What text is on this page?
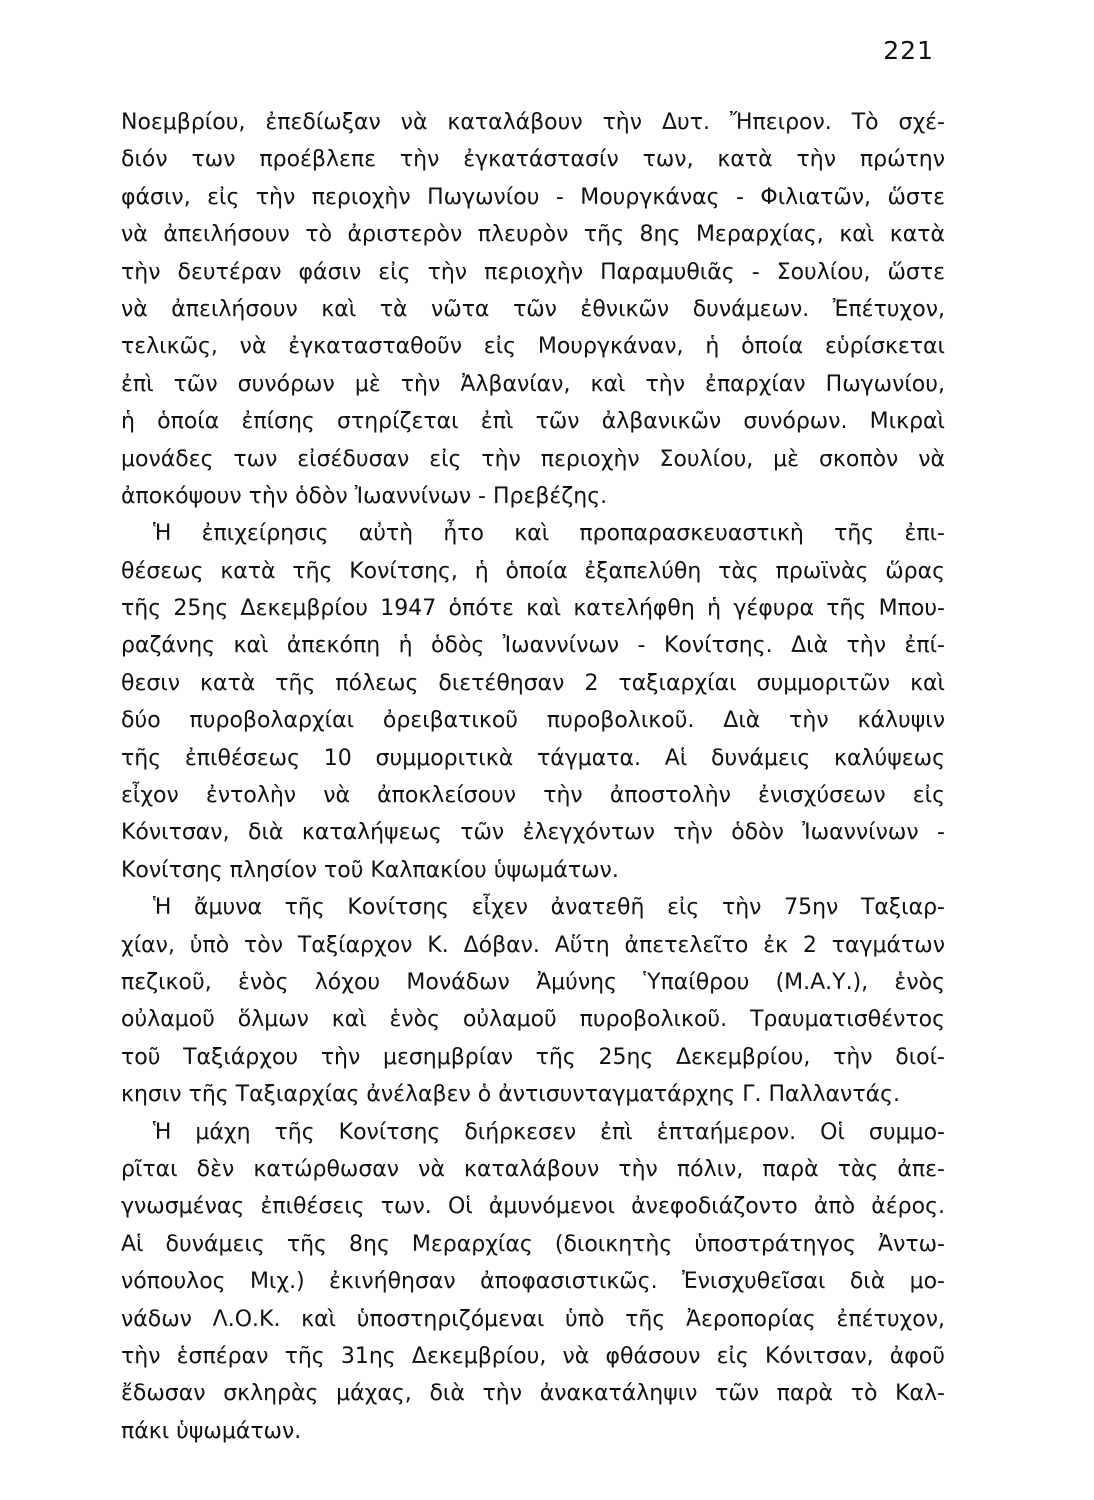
221
Νοεμβρίου, ἐπεδίωξαν νὰ καταλάβουν τὴν Δυτ. Ἤπειρον. Τὸ σχέ-
διόν των προέβλεπε τὴν ἐγκατάστασίν των, κατὰ τὴν πρώτην
φάσιν, εἰς τὴν περιοχὴν Πωγωνίου - Μουργκάνας - Φιλιατῶν, ὥστε
νὰ ἀπειλήσουν τὸ ἀριστερὸν πλευρὸν τῆς 8ης Μεραρχίας, καὶ κατὰ
τὴν δευτέραν φάσιν εἰς τὴν περιοχὴν Παραμυθιᾶς - Σουλίου, ὥστε
νὰ ἀπειλήσουν καὶ τὰ νῶτα τῶν ἐθνικῶν δυνάμεων. Ἐπέτυχον,
τελικῶς, νὰ ἐγκατασταθοῦν εἰς Μουργκάναν, ἡ ὁποία εὑρίσκεται
ἐπὶ τῶν συνόρων μὲ τὴν Ἀλβανίαν, καὶ τὴν ἐπαρχίαν Πωγωνίου,
ἡ ὁποία ἐπίσης στηρίζεται ἐπὶ τῶν ἀλβανικῶν συνόρων. Μικραὶ
μονάδες των εἰσέδυσαν εἰς τὴν περιοχὴν Σουλίου, μὲ σκοπὸν νὰ
ἀποκόψουν τὴν ὁδὸν Ἰωαννίνων - Πρεβέζης.
Ἡ ἐπιχείρησις αὐτὴ ἦτο καὶ προπαρασκευαστικὴ τῆς ἐπι-
θέσεως κατὰ τῆς Κονίτσης, ἡ ὁποία ἐξαπελύθη τὰς πρωϊνὰς ὥρας
τῆς 25ης Δεκεμβρίου 1947 ὁπότε καὶ κατελήφθη ἡ γέφυρα τῆς Μπου-
ραζάνης καὶ ἀπεκόπη ἡ ὁδὸς Ἰωαννίνων - Κονίτσης. Διὰ τὴν ἐπί-
θεσιν κατὰ τῆς πόλεως διετέθησαν 2 ταξιαρχίαι συμμοριτῶν καὶ
δύο πυροβολαρχίαι ὀρειβατικοῦ πυροβολικοῦ. Διὰ τὴν κάλυψιν
τῆς ἐπιθέσεως 10 συμμοριτικὰ τάγματα. Αἱ δυνάμεις καλύψεως
εἶχον ἐντολὴν νὰ ἀποκλείσουν τὴν ἀποστολὴν ἐνισχύσεων εἰς
Κόνιτσαν, διὰ καταλήψεως τῶν ἐλεγχόντων τὴν ὁδὸν Ἰωαννίνων -
Κονίτσης πλησίον τοῦ Καλπακίου ὑψωμάτων.
Ἡ ἄμυνα τῆς Κονίτσης εἶχεν ἀνατεθῆ εἰς τὴν 75ην Ταξιαρ-
χίαν, ὑπὸ τὸν Ταξίαρχον Κ. Δόβαν. Αὕτη ἀπετελεῖτο ἐκ 2 ταγμάτων
πεζικοῦ, ἑνὸς λόχου Μονάδων Ἀμύνης Ὑπαίθρου (Μ.Α.Υ.), ἑνὸς
οὐλαμοῦ ὅλμων καὶ ἑνὸς οὐλαμοῦ πυροβολικοῦ. Τραυματισθέντος
τοῦ Ταξιάρχου τὴν μεσημβρίαν τῆς 25ης Δεκεμβρίου, τὴν διοί-
κησιν τῆς Ταξιαρχίας ἀνέλαβεν ὁ ἀντισυνταγματάρχης Γ. Παλλαντάς.
Ἡ μάχη τῆς Κονίτσης διήρκεσεν ἐπὶ ἑπταήμερον. Οἱ συμμο-
ρῖται δὲν κατώρθωσαν νὰ καταλάβουν τὴν πόλιν, παρὰ τὰς ἀπε-
γνωσμένας ἐπιθέσεις των. Οἱ ἀμυνόμενοι ἀνεφοδιάζοντο ἀπὸ ἀέρος.
Αἱ δυνάμεις τῆς 8ης Μεραρχίας (διοικητὴς ὑποστράτηγος Ἀντω-
νόπουλος Μιχ.) ἐκινήθησαν ἀποφασιστικῶς. Ἐνισχυθεῖσαι διὰ μο-
νάδων Λ.Ο.Κ. καὶ ὑποστηριζόμεναι ὑπὸ τῆς Ἀεροπορίας ἐπέτυχον,
τὴν ἑσπέραν τῆς 31ης Δεκεμβρίου, νὰ φθάσουν εἰς Κόνιτσαν, ἀφοῦ
ἔδωσαν σκληρὰς μάχας, διὰ τὴν ἀνακατάληψιν τῶν παρὰ τὸ Καλ-
πάκι ὑψωμάτων.
